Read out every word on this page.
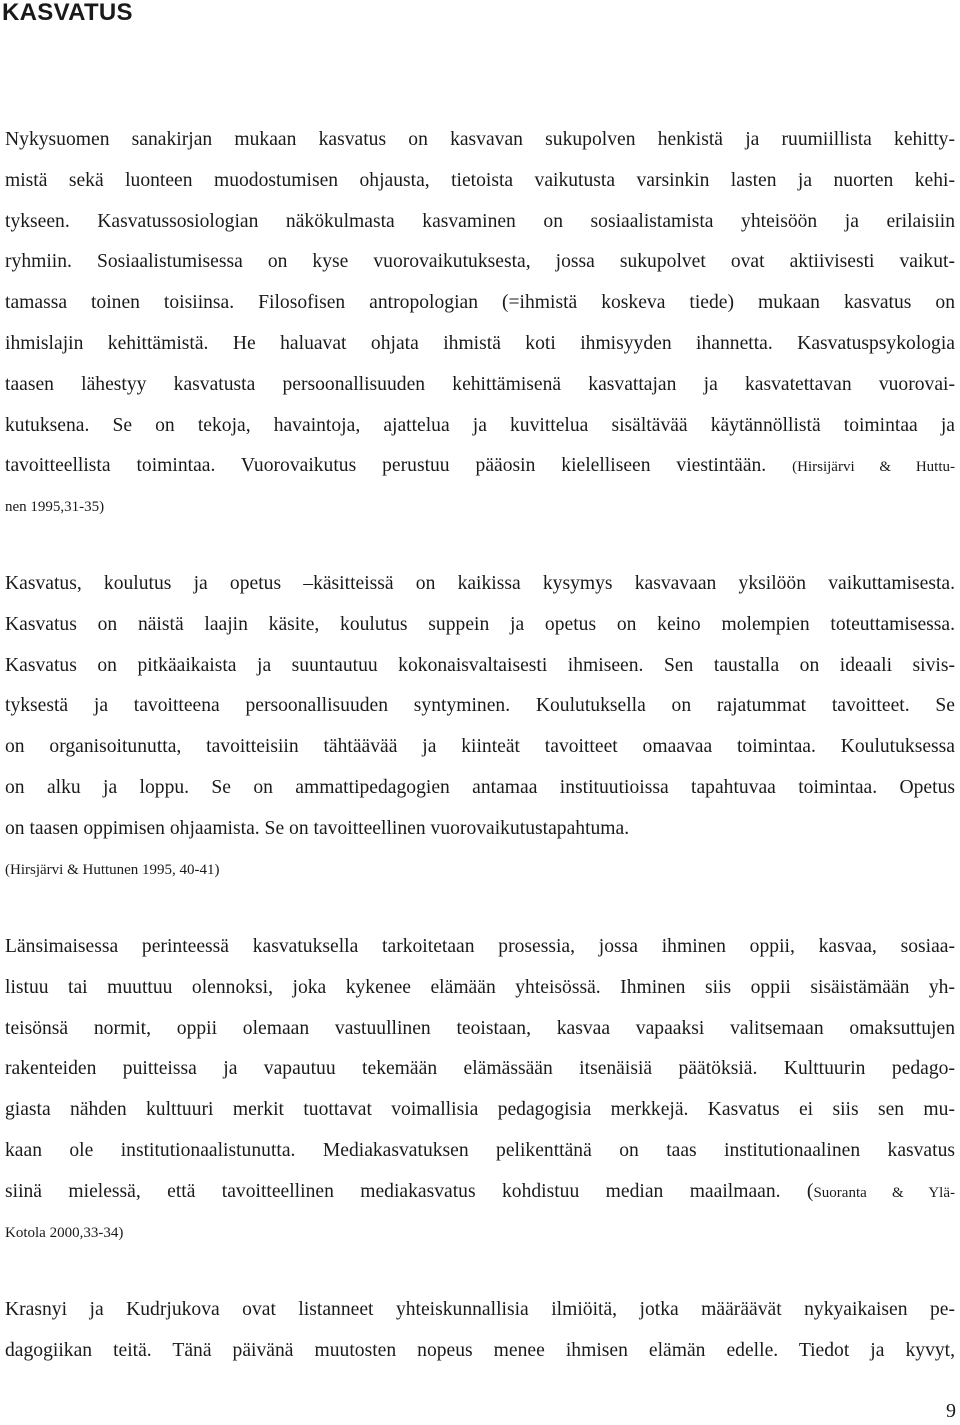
KASVATUS
Nykysuomen sanakirjan mukaan kasvatus on kasvavan sukupolven henkistä ja ruumiillista kehitty-
mistä sekä luonteen muodostumisen ohjausta, tietoista vaikutusta varsinkin lasten ja nuorten kehi-
tykseen. Kasvatussosiologian näkökulmasta kasvaminen on sosiaalistamista yhteisöön ja erilaisiin
ryhmiin. Sosiaalistumisessa on kyse vuorovaikutuksesta, jossa sukupolvet ovat aktiivisesti vaikut-
tamassa toinen toisiinsa. Filosofisen antropologian (=ihmistä koskeva tiede) mukaan kasvatus on
ihmislajin kehittämistä. He haluavat ohjata ihmistä koti ihmisyyden ihannetta. Kasvatuspsykologia
taasen lähestyy kasvatusta persoonallisuuden kehittämisenä kasvattajan ja kasvatettavan vuorovai-
kutuksena. Se on tekoja, havaintoja, ajattelua ja kuvittelua sisältävää käytännöllistä toimintaa ja
tavoitteellista toimintaa. Vuorovaikutus perustuu pääosin kielelliseen viestintään. (Hirsijärvi & Huttu-
nen 1995,31-35)
Kasvatus, koulutus ja opetus –käsitteissä on kaikissa kysymys kasvavaan yksilöön vaikuttamisesta.
Kasvatus on näistä laajin käsite, koulutus suppein ja opetus on keino molempien toteuttamisessa.
Kasvatus on pitkäaikaista ja suuntautuu kokonaisvaltaisesti ihmiseen. Sen taustalla on ideaali sivis-
tyksestä ja tavoitteena persoonallisuuden syntyminen. Koulutuksella on rajatummat tavoitteet. Se
on organisoitunutta, tavoitteisiin tähtäävää ja kiinteät tavoitteet omaavaa toimintaa. Koulutuksessa
on alku ja loppu. Se on ammattipedagogien antamaa instituutioissa tapahtuvaa toimintaa. Opetus
on taasen oppimisen ohjaamista. Se on tavoitteellinen vuorovaikutustapahtuma.
(Hirsjärvi & Huttunen 1995, 40-41)
Länsimaisessa perinteessä kasvatuksella tarkoitetaan prosessia, jossa ihminen oppii, kasvaa, sosiaa-
listuu tai muuttuu olennoksi, joka kykenee elämään yhteisössä. Ihminen siis oppii sisäistämään yh-
teisönsä normit, oppii olemaan vastuullinen teoistaan, kasvaa vapaaksi valitsemaan omaksuttujen
rakenteiden puitteissa ja vapautuu tekemään elämässään itsenäisiä päätöksiä. Kulttuurin pedago-
giasta nähden kulttuuri merkit tuottavat voimallisia pedagogisia merkkejä. Kasvatus ei siis sen mu-
kaan ole institutionaalistunutta. Mediakasvatuksen pelikenttänä on taas institutionaalinen kasvatus
siinä mielessä, että tavoitteellinen mediakasvatus kohdistuu median maailmaan. (Suoranta & Ylä-
Kotola 2000,33-34)
Krasnyi ja Kudrjukova ovat listanneet yhteiskunnallisia ilmiöitä, jotka määräävät nykyaikaisen pe-
dagogiikan teitä. Tänä päivänä muutosten nopeus menee ihmisen elämän edelle. Tiedot ja kyvyt,
9
